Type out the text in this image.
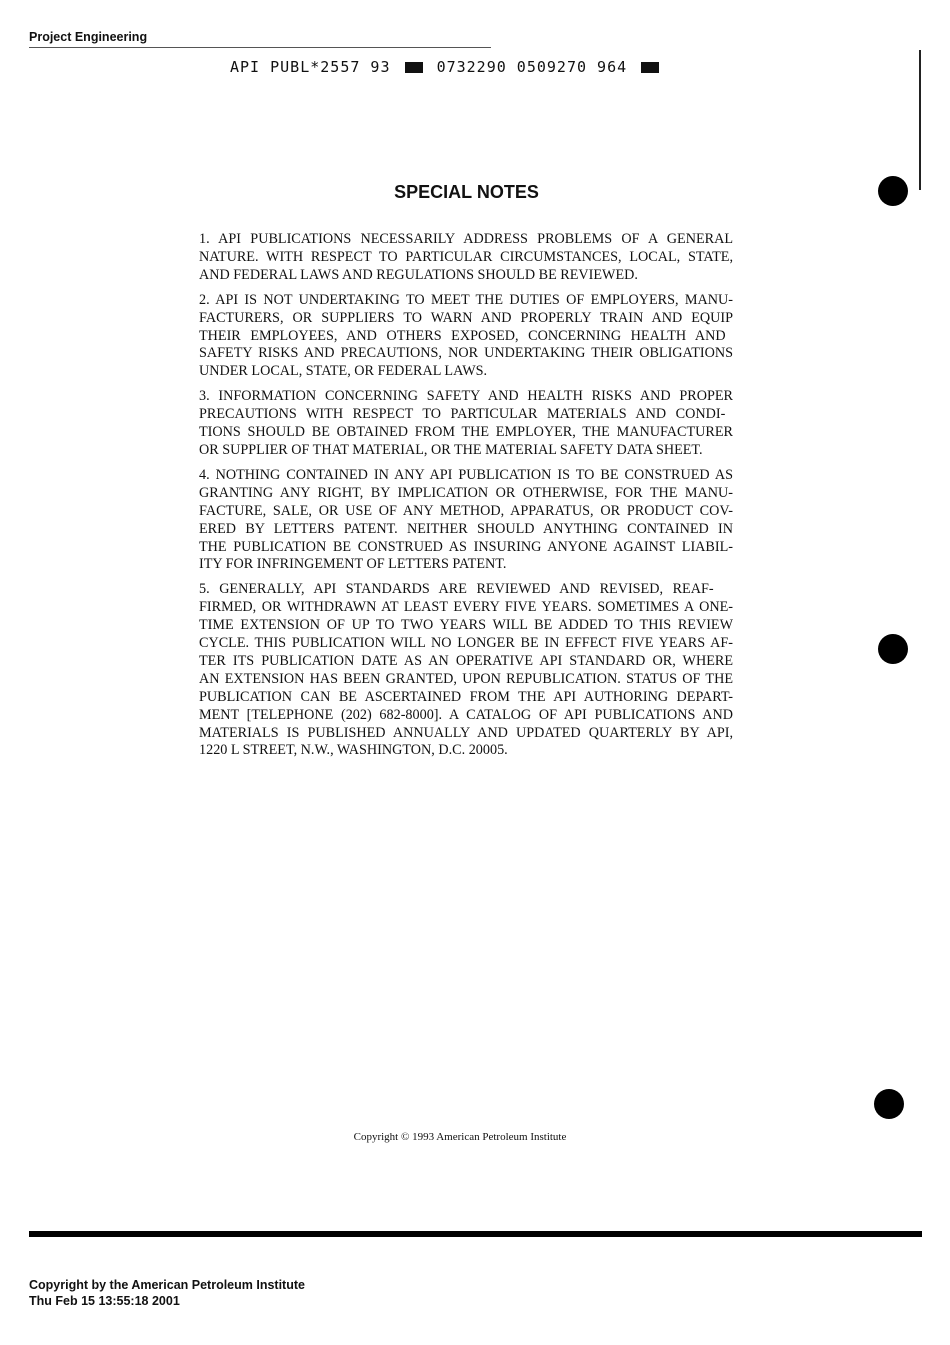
Project Engineering
API PUBL*2557 93	0732290 0509270 964
SPECIAL NOTES
1. API PUBLICATIONS NECESSARILY ADDRESS PROBLEMS OF A GENERAL
NATURE. WITH RESPECT TO PARTICULAR CIRCUMSTANCES, LOCAL, STATE,
AND FEDERAL LAWS AND REGULATIONS SHOULD BE REVIEWED.
2. API IS NOT UNDERTAKING TO MEET THE DUTIES OF EMPLOYERS, MANU-
FACTURERS, OR SUPPLIERS TO WARN AND PROPERLY TRAIN AND EQUIP
THEIR EMPLOYEES, AND OTHERS EXPOSED, CONCERNING HEALTH AND
SAFETY RISKS AND PRECAUTIONS, NOR UNDERTAKING THEIR OBLIGATIONS
UNDER LOCAL, STATE, OR FEDERAL LAWS.
3. INFORMATION CONCERNING SAFETY AND HEALTH RISKS AND PROPER
PRECAUTIONS WITH RESPECT TO PARTICULAR MATERIALS AND CONDI-
TIONS SHOULD BE OBTAINED FROM THE EMPLOYER, THE MANUFACTURER
OR SUPPLIER OF THAT MATERIAL, OR THE MATERIAL SAFETY DATA SHEET.
4. NOTHING CONTAINED IN ANY API PUBLICATION IS TO BE CONSTRUED AS
GRANTING ANY RIGHT, BY IMPLICATION OR OTHERWISE, FOR THE MANU-
FACTURE, SALE, OR USE OF ANY METHOD, APPARATUS, OR PRODUCT COV-
ERED BY LETTERS PATENT. NEITHER SHOULD ANYTHING CONTAINED IN
THE PUBLICATION BE CONSTRUED AS INSURING ANYONE AGAINST LIABIL-
ITY FOR INFRINGEMENT OF LETTERS PATENT.
5. GENERALLY, API STANDARDS ARE REVIEWED AND REVISED, REAF-
FIRMED, OR WITHDRAWN AT LEAST EVERY FIVE YEARS. SOMETIMES A ONE-
TIME EXTENSION OF UP TO TWO YEARS WILL BE ADDED TO THIS REVIEW
CYCLE. THIS PUBLICATION WILL NO LONGER BE IN EFFECT FIVE YEARS AF-
TER ITS PUBLICATION DATE AS AN OPERATIVE API STANDARD OR, WHERE
AN EXTENSION HAS BEEN GRANTED, UPON REPUBLICATION. STATUS OF THE
PUBLICATION CAN BE ASCERTAINED FROM THE API AUTHORING DEPART-
MENT [TELEPHONE (202) 682-8000]. A CATALOG OF API PUBLICATIONS AND
MATERIALS IS PUBLISHED ANNUALLY AND UPDATED QUARTERLY BY API,
1220 L STREET, N.W., WASHINGTON, D.C. 20005.
Copyright © 1993 American Petroleum Institute
Copyright by the American Petroleum Institute
Thu Feb 15 13:55:18 2001
